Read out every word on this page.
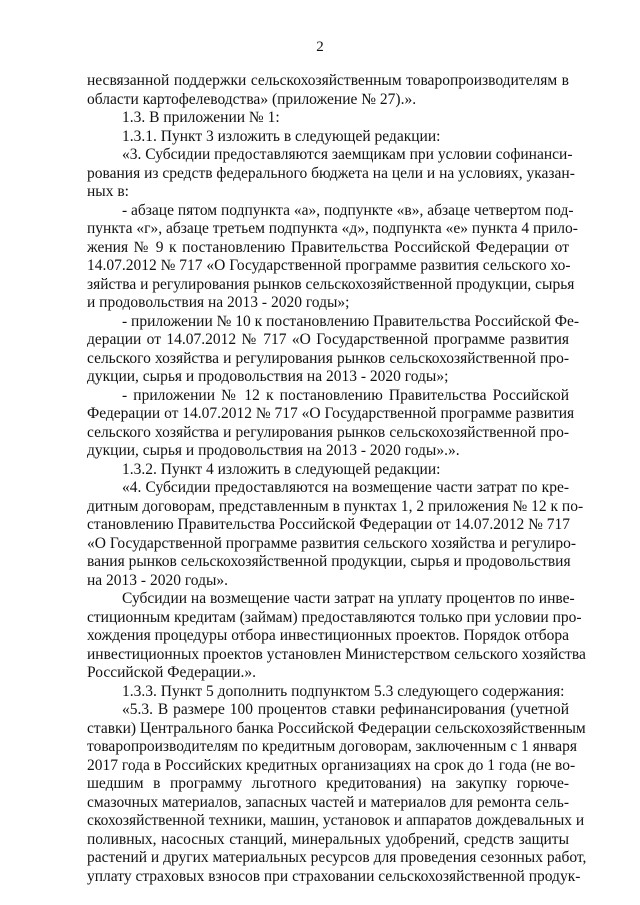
2
несвязанной поддержки сельскохозяйственным товаропроизводителям в
области картофелеводства» (приложение № 27).».
1.3. В приложении № 1:
1.3.1. Пункт 3 изложить в следующей редакции:
«3. Субсидии предоставляются заемщикам при условии софинанси-
рования из средств федерального бюджета на цели и на условиях, указан-
ных в:
- абзаце пятом подпункта «а», подпункте «в», абзаце четвертом под-
пункта «г», абзаце третьем подпункта «д», подпункта «е» пункта 4 прило-
жения № 9 к постановлению Правительства Российской Федерации от
14.07.2012 № 717 «О Государственной программе развития сельского хо-
зяйства и регулирования рынков сельскохозяйственной продукции, сырья
и продовольствия на 2013 - 2020 годы»;
- приложении № 10 к постановлению Правительства Российской Фе-
дерации от 14.07.2012 № 717 «О Государственной программе развития
сельского хозяйства и регулирования рынков сельскохозяйственной про-
дукции, сырья и продовольствия на 2013 - 2020 годы»;
- приложении № 12 к постановлению Правительства Российской
Федерации от 14.07.2012 № 717 «О Государственной программе развития
сельского хозяйства и регулирования рынков сельскохозяйственной про-
дукции, сырья и продовольствия на 2013 - 2020 годы».».
1.3.2. Пункт 4 изложить в следующей редакции:
«4. Субсидии предоставляются на возмещение части затрат по кре-
дитным договорам, представленным в пунктах 1, 2 приложения № 12 к по-
становлению Правительства Российской Федерации от 14.07.2012 № 717
«О Государственной программе развития сельского хозяйства и регулиро-
вания рынков сельскохозяйственной продукции, сырья и продовольствия
на 2013 - 2020 годы».
Субсидии на возмещение части затрат на уплату процентов по инве-
стиционным кредитам (займам) предоставляются только при условии про-
хождения процедуры отбора инвестиционных проектов. Порядок отбора
инвестиционных проектов установлен Министерством сельского хозяйства
Российской Федерации.».
1.3.3. Пункт 5 дополнить подпунктом 5.3 следующего содержания:
«5.3. В размере 100 процентов ставки рефинансирования (учетной
ставки) Центрального банка Российской Федерации сельскохозяйственным
товаропроизводителям по кредитным договорам, заключенным с 1 января
2017 года в Российских кредитных организациях на срок до 1 года (не во-
шедшим в программу льготного кредитования) на закупку горюче-
смазочных материалов, запасных частей и материалов для ремонта сель-
скохозяйственной техники, машин, установок и аппаратов дождевальных и
поливных, насосных станций, минеральных удобрений, средств защиты
растений и других материальных ресурсов для проведения сезонных работ,
уплату страховых взносов при страховании сельскохозяйственной продук-
